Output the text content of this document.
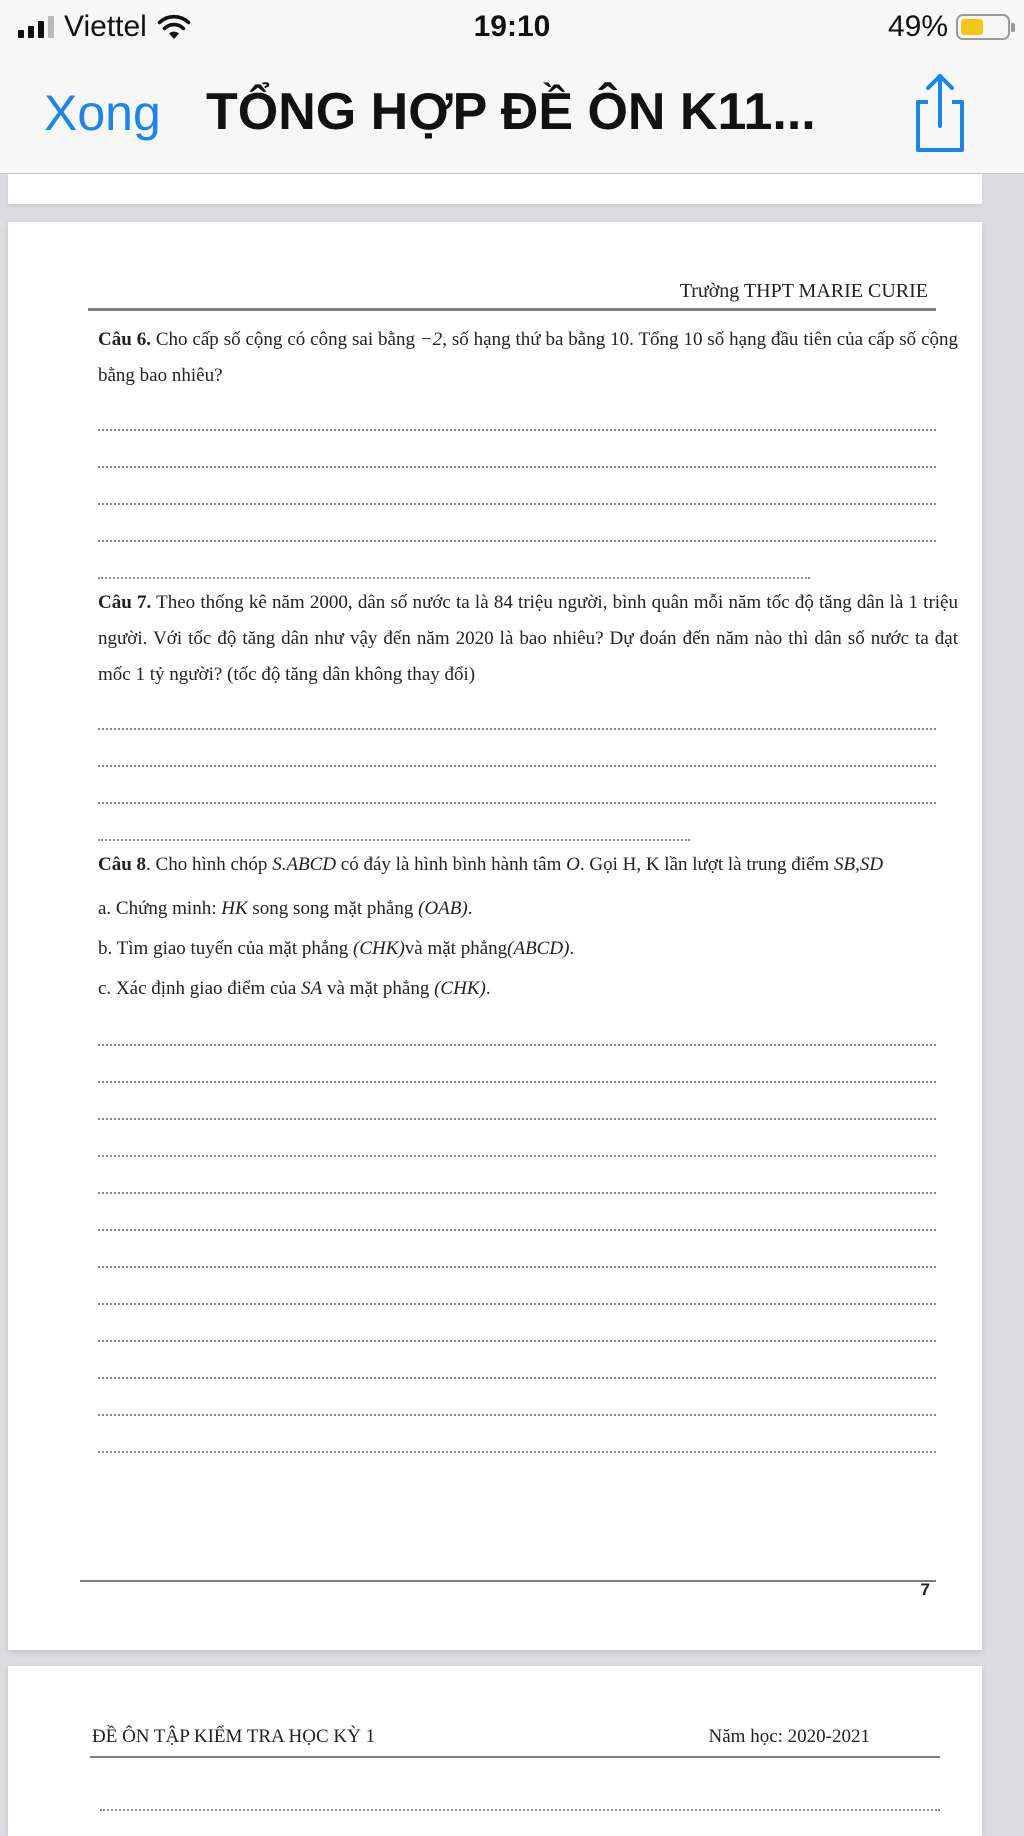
Viettel	19:10	49%
Xong TỔNG HỢP ĐỀ ÔN K11...
Trường THPT MARIE CURIE

Câu 6. Cho cấp số cộng có công sai bằng −2, số hạng thứ ba bằng 10. Tổng 10 số hạng đầu tiên của cấp số cộng bằng bao nhiêu?

Câu 7. Theo thống kê năm 2000, dân số nước ta là 84 triệu người, bình quân mỗi năm tốc độ tăng dân là 1 triệu người. Với tốc độ tăng dân như vậy đến năm 2020 là bao nhiêu? Dự đoán đến năm nào thì dân số nước ta đạt mốc 1 tỷ người? (tốc độ tăng dân không thay đổi)

Câu 8. Cho hình chóp S.ABCD có đáy là hình bình hành tâm O. Gọi H, K lần lượt là trung điểm SB,SD

a. Chứng minh: HK song song mặt phẳng (OAB).

b. Tìm giao tuyến của mặt phẳng (CHK)và mặt phẳng(ABCD).

c. Xác định giao điểm của SA và mặt phẳng (CHK).

7
ĐỀ ÔN TẬP KIỂM TRA HỌC KỲ 1	Năm học: 2020-2021
